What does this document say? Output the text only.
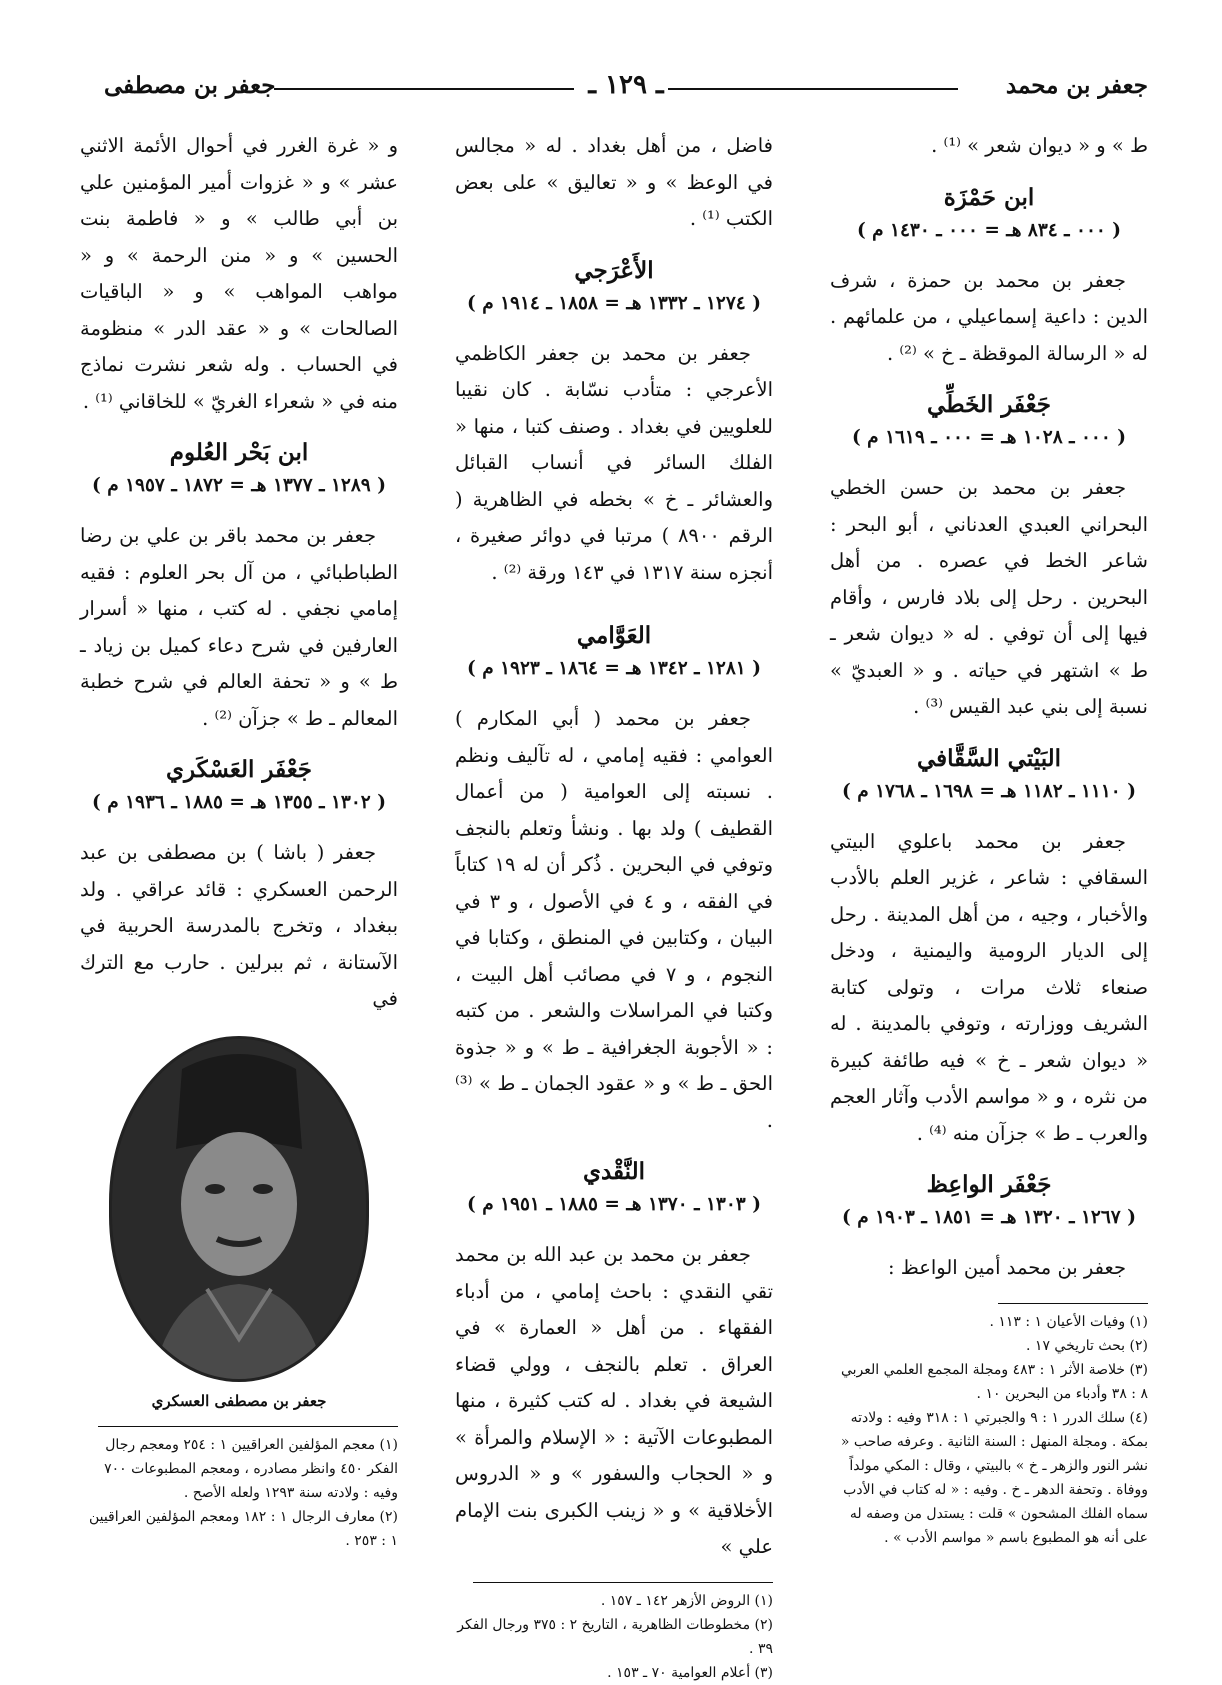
جعفر بن محمد
ـ ١٢٩ ـ
جعفر بن مصطفى

ط » و « ديوان شعر » ⁽¹⁾ .

ابن حَمْزَة
( ٠٠٠ ـ ٨٣٤ هـ = ٠٠٠ ـ ١٤٣٠ م )

جعفر بن محمد بن حمزة ، شرف الدين : داعية إسماعيلي ، من علمائهم . له « الرسالة الموقظة ـ خ » ⁽²⁾ .

جَعْفَر الخَطِّي
( ٠٠٠ ـ ١٠٢٨ هـ = ٠٠٠ ـ ١٦١٩ م )

جعفر بن محمد بن حسن الخطي البحراني العبدي العدناني ، أبو البحر : شاعر الخط في عصره . من أهل البحرين . رحل إلى بلاد فارس ، وأقام فيها إلى أن توفي . له « ديوان شعر ـ ط » اشتهر في حياته . و « العبديّ » نسبة إلى بني عبد القيس ⁽³⁾ .

البَيْتي السَّقَّافي
( ١١١٠ ـ ١١٨٢ هـ = ١٦٩٨ ـ ١٧٦٨ م )

جعفر بن محمد باعلوي البيتي السقافي : شاعر ، غزير العلم بالأدب والأخبار ، وجيه ، من أهل المدينة . رحل إلى الديار الرومية واليمنية ، ودخل صنعاء ثلاث مرات ، وتولى كتابة الشريف ووزارته ، وتوفي بالمدينة . له « ديوان شعر ـ خ » فيه طائفة كبيرة من نثره ، و « مواسم الأدب وآثار العجم والعرب ـ ط » جزآن منه ⁽⁴⁾ .

جَعْفَر الواعِظ
( ١٢٦٧ ـ ١٣٢٠ هـ = ١٨٥١ ـ ١٩٠٣ م )

جعفر بن محمد أمين الواعظ :

(١) وفيات الأعيان ١ : ١١٣ .

(٢) بحث تاريخي ١٧ .

(٣) خلاصة الأثر ١ : ٤٨٣ ومجلة المجمع العلمي العربي ٨ : ٣٨ وأدباء من البحرين ١٠ .

(٤) سلك الدرر ١ : ٩ والجبرتي ١ : ٣١٨ وفيه : ولادته بمكة . ومجلة المنهل : السنة الثانية . وعرفه صاحب « نشر النور والزهر ـ خ » بالبيتي ، وقال : المكي مولداً ووفاة . وتحفة الدهر ـ خ . وفيه : « له كتاب في الأدب سماه الفلك المشحون » قلت : يستدل من وصفه له على أنه هو المطبوع باسم « مواسم الأدب » .

فاضل ، من أهل بغداد . له « مجالس في الوعظ » و « تعاليق » على بعض الكتب ⁽¹⁾ .

الأَعْرَجي
( ١٢٧٤ ـ ١٣٣٢ هـ = ١٨٥٨ ـ ١٩١٤ م )

جعفر بن محمد بن جعفر الكاظمي الأعرجي : متأدب نسّابة . كان نقيبا للعلويين في بغداد . وصنف كتبا ، منها « الفلك السائر في أنساب القبائل والعشائر ـ خ » بخطه في الظاهرية ( الرقم ٨٩٠٠ ) مرتبا في دوائر صغيرة ، أنجزه سنة ١٣١٧ في ١٤٣ ورقة ⁽²⁾ .

العَوَّامي
( ١٢٨١ ـ ١٣٤٢ هـ = ١٨٦٤ ـ ١٩٢٣ م )

جعفر بن محمد ( أبي المكارم ) العوامي : فقيه إمامي ، له تآليف ونظم . نسبته إلى العوامية ( من أعمال القطيف ) ولد بها . ونشأ وتعلم بالنجف وتوفي في البحرين . ذُكر أن له ١٩ كتاباً في الفقه ، و ٤ في الأصول ، و ٣ في البيان ، وكتابين في المنطق ، وكتابا في النجوم ، و ٧ في مصائب أهل البيت ، وكتبا في المراسلات والشعر . من كتبه : « الأجوبة الجغرافية ـ ط » و « جذوة الحق ـ ط » و « عقود الجمان ـ ط » ⁽³⁾ .

النَّقْدي
( ١٣٠٣ ـ ١٣٧٠ هـ = ١٨٨٥ ـ ١٩٥١ م )

جعفر بن محمد بن عبد الله بن محمد تقي النقدي : باحث إمامي ، من أدباء الفقهاء . من أهل « العمارة » في العراق . تعلم بالنجف ، وولي قضاء الشيعة في بغداد . له كتب كثيرة ، منها المطبوعات الآتية : « الإسلام والمرأة » و « الحجاب والسفور » و « الدروس الأخلاقية » و « زينب الكبرى بنت الإمام علي »

(١) الروض الأزهر ١٤٢ ـ ١٥٧ .

(٢) مخطوطات الظاهرية ، التاريخ ٢ : ٣٧٥ ورجال الفكر ٣٩ .

(٣) أعلام العوامية ٧٠ ـ ١٥٣ .

و « غرة الغرر في أحوال الأئمة الاثني عشر » و « غزوات أمير المؤمنين علي بن أبي طالب » و « فاطمة بنت الحسين » و « منن الرحمة » و « مواهب المواهب » و « الباقيات الصالحات » و « عقد الدر » منظومة في الحساب . وله شعر نشرت نماذج منه في « شعراء الغريّ » للخاقاني ⁽¹⁾ .

ابن بَحْر العُلوم
( ١٢٨٩ ـ ١٣٧٧ هـ = ١٨٧٢ ـ ١٩٥٧ م )

جعفر بن محمد باقر بن علي بن رضا الطباطبائي ، من آل بحر العلوم : فقيه إمامي نجفي . له كتب ، منها « أسرار العارفين في شرح دعاء كميل بن زياد ـ ط » و « تحفة العالم في شرح خطبة المعالم ـ ط » جزآن ⁽²⁾ .

جَعْفَر العَسْكَري
( ١٣٠٢ ـ ١٣٥٥ هـ = ١٨٨٥ ـ ١٩٣٦ م )

جعفر ( باشا ) بن مصطفى بن عبد الرحمن العسكري : قائد عراقي . ولد ببغداد ، وتخرج بالمدرسة الحربية في الآستانة ، ثم ببرلين . حارب مع الترك في

جعفر بن مصطفى العسكري

(١) معجم المؤلفين العراقيين ١ : ٢٥٤ ومعجم رجال الفكر ٤٥٠ وانظر مصادره ، ومعجم المطبوعات ٧٠٠ وفيه : ولادته سنة ١٢٩٣ ولعله الأصح .

(٢) معارف الرجال ١ : ١٨٢ ومعجم المؤلفين العراقيين ١ : ٢٥٣ .
